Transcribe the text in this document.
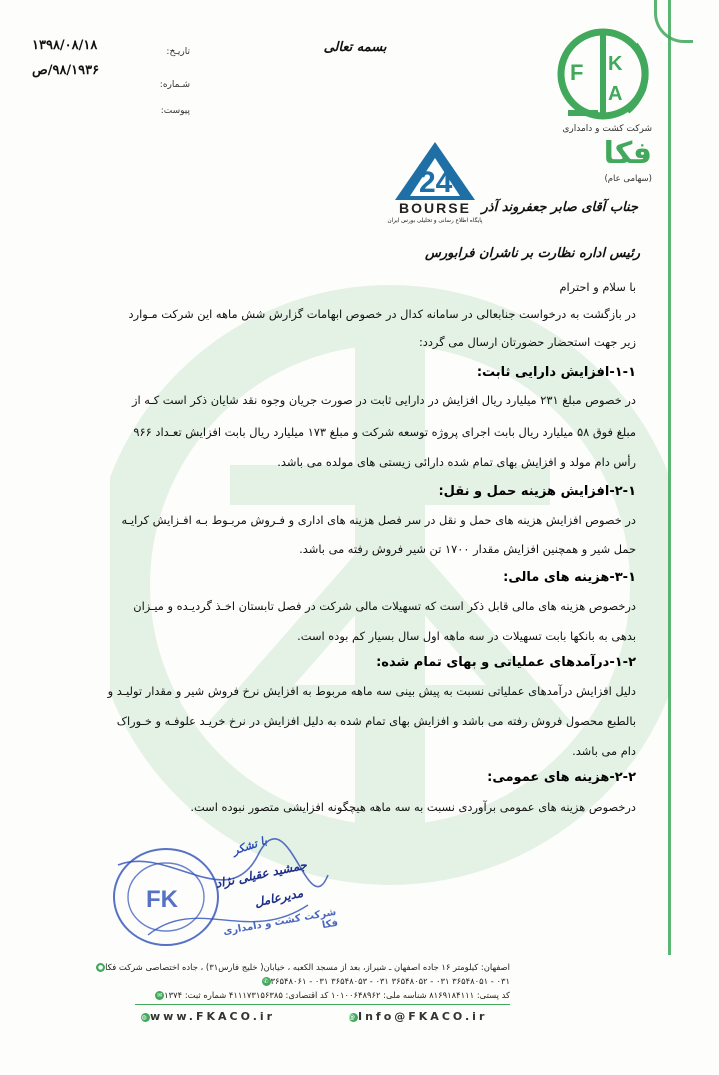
۱۳۹۸/۰۸/۱۸
۹۸/۱۹۳۶/ص
تاریـخ:
شـماره:
پیوست:
بسمه تعالی
K
A
F
شرکت کشت و دامداری
فکا
(سهامی عام)
24
BOURSE
پایگاه اطلاع رسانی و تحلیلی بورس ایران
جناب آقای صابر جعفروند آذر
رئیس اداره نظارت بر ناشران فرابورس
با سلام و احترام
در بازگشت به درخواست جنابعالی در سامانه کدال در خصوص ابهامات گزارش شش ماهه این شرکت مـوارد
زیر جهت استحضار حضورتان ارسال می گردد:
۱-۱-افزایش دارایی ثابت:
در خصوص مبلغ ۲۳۱ میلیارد ریال افزایش در دارایی ثابت در صورت جریان وجوه نقد شایان ذکر است کـه از
مبلغ فوق ۵۸ میلیارد ریال بابت اجرای پروژه توسعه شرکت و مبلغ ۱۷۳ میلیارد ریال بابت افزایش تعـداد ۹۶۶
رأس دام مولد و افزایش بهای تمام شده دارائی زیستی های مولده می باشد.
۲-۱-افزایش هزینه حمل و نقل:
در خصوص افزایش هزینه های حمل و نقل در سر فصل هزینه های اداری و فـروش مربـوط بـه افـزایش کرایـه
حمل شیر و همچنین افزایش مقدار ۱۷۰۰ تن شیر فروش رفته می باشد.
۳-۱-هزینه های مالی:
درخصوص هزینه های مالی قابل ذکر است که تسهیلات مالی شرکت در فصل تابستان اخـذ گردیـده و میـزان
بدهی به بانکها بابت تسهیلات در سه ماهه اول سال بسیار کم بوده است.
۱-۲-درآمدهای عملیاتی و بهای تمام شده:
دلیل افزایش درآمدهای عملیاتی نسبت به پیش بینی سه ماهه مربوط به افزایش نرخ فروش شیر و مقدار تولیـد و
بالطبع محصول فروش رفته می باشد و افزایش بهای تمام شده به دلیل افزایش در نرخ خریـد علوفـه و خـوراک
دام می باشد.
۲-۲-هزینه های عمومی:
درخصوص هزینه های عمومی برآوردی نسبت به سه ماهه هیچگونه افزایشی متصور نبوده است.
FK
با تشکر
جمشید عقیلی نژاد
مدیرعامل
شرکت کشت و دامداری فکا
اصفهان: کیلومتر ۱۶ جاده اصفهان ـ شیراز، بعد از مسجد الکعبه ، خیابان( خلیج فارس۳۱) ، جاده اختصاصی شرکت فکا●
۰۳۱ - ۳۶۵۴۸۰۵۱ ۰۳۱ - ۳۶۵۴۸۰۵۲ ۰۳۱ - ۳۶۵۴۸۰۵۳ ۰۳۱ - ۳۶۵۴۸۰۶۱✆
کد پستی: ۸۱۶۹۱۸۴۱۱۱ شناسه ملی: ۱۰۱۰۰۶۴۸۹۶۲ کد اقتصادی: ۴۱۱۱۷۳۱۵۶۳۸۵ شماره ثبت: ۱۳۷۴✉
@Info@FKACO.ir
◍www.FKACO.ir
